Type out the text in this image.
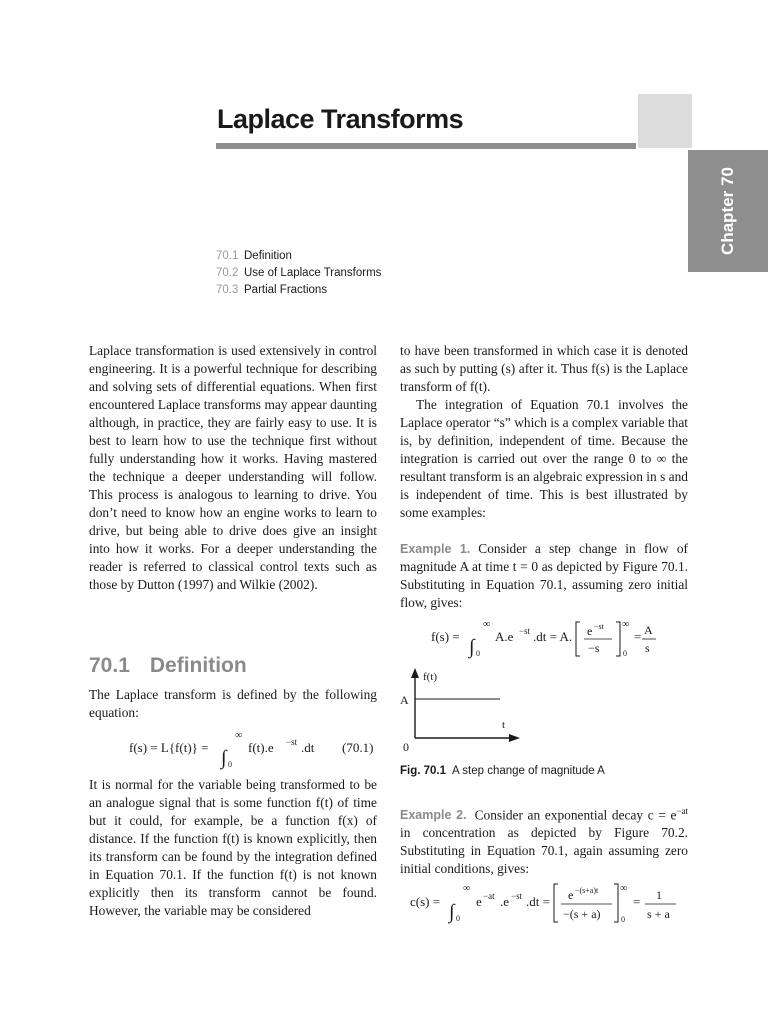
Laplace Transforms
Chapter 70
70.1 Definition
70.2 Use of Laplace Transforms
70.3 Partial Fractions

Laplace transformation is used extensively in control engineering. It is a powerful technique for describing and solving sets of differential equations. When first encountered Laplace transforms may appear daunting although, in practice, they are fairly easy to use. It is best to learn how to use the technique first without fully understanding how it works. Having mastered the technique a deeper understanding will follow. This process is analogous to learning to drive. You don’t need to know how an engine works to learn to drive, but being able to drive does give an insight into how it works. For a deeper understanding the reader is referred to classical control texts such as those by Dutton (1997) and Wilkie (2002).

70.1 Definition

The Laplace transform is defined by the following equation:

f(s) = L{f(t)} = ∫
∞
0
f(t).e −st .dt (70.1)

It is normal for the variable being transformed to be an analogue signal that is some function f(t) of time but it could, for example, be a function f(x) of distance. If the function f(t) is known explicitly, then its transform can be found by the integration defined in Equation 70.1. If the function f(t) is not known explicitly then its transform cannot be found. However, the variable may be considered

to have been transformed in which case it is denoted as such by putting (s) after it. Thus f(s) is the Laplace transform of f(t).

The integration of Equation 70.1 involves the Laplace operator “s” which is a complex variable that is, by definition, independent of time. Because the integration is carried out over the range 0 to ∞ the resultant transform is an algebraic expression in s and is independent of time. This is best illustrated by some examples:

Example 1. Consider a step change in flow of magnitude A at time t = 0 as depicted by Figure 70.1. Substituting in Equation 70.1, assuming zero initial flow, gives:

f(s) = ∫
∞
0
A.e −st .dt = A. e −st
−s
∞
0
= A
s
f(t)
t
A
0
Fig. 70.1 A step change of magnitude A

Example 2. Consider an exponential decay $c = e^{-at}$ in concentration as depicted by Figure 70.2. Substituting in Equation 70.1, again assuming zero initial conditions, gives:

c(s) = ∫
∞
0
e −at .e −st .dt = e −(s+a)t
−(s + a)
∞
0
= 1
s + a
